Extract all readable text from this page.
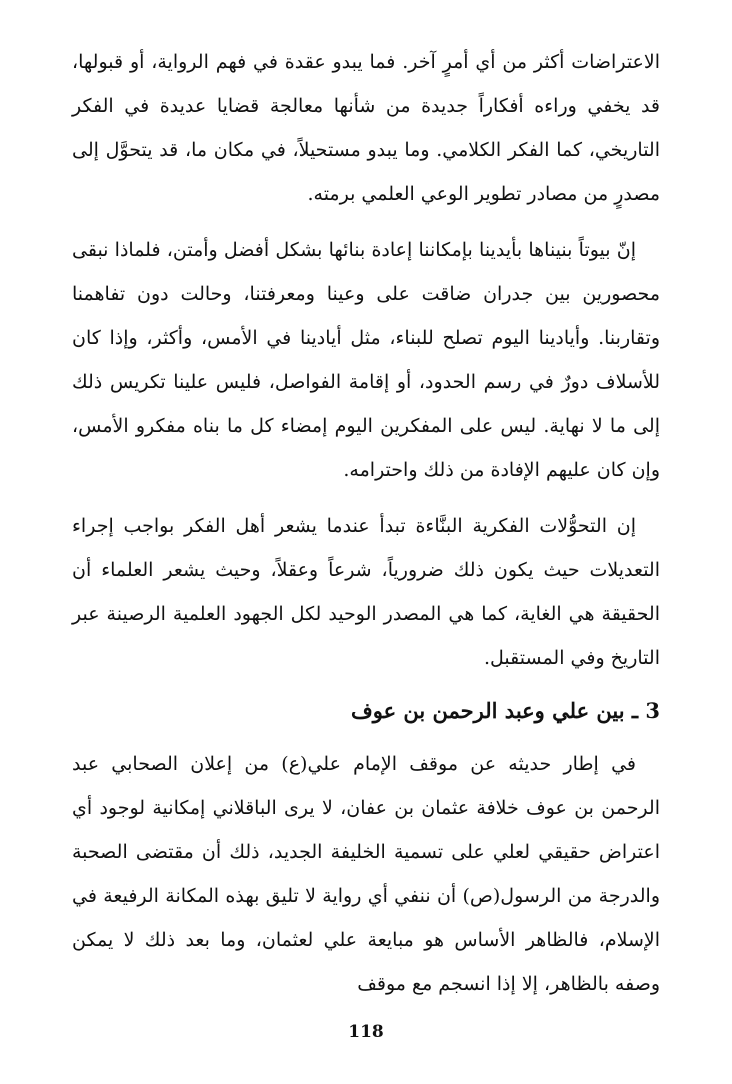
الاعتراضات أكثر من أي أمرٍ آخر. فما يبدو عقدة في فهم الرواية، أو قبولها، قد يخفي وراءه أفكاراً جديدة من شأنها معالجة قضايا عديدة في الفكر التاريخي، كما الفكر الكلامي. وما يبدو مستحيلاً، في مكان ما، قد يتحوَّل إلى مصدرٍ من مصادر تطوير الوعي العلمي برمته.

إنّ بيوتاً بنيناها بأيدينا بإمكاننا إعادة بنائها بشكل أفضل وأمتن، فلماذا نبقى محصورين بين جدران ضاقت على وعينا ومعرفتنا، وحالت دون تفاهمنا وتقاربنا. وأيادينا اليوم تصلح للبناء، مثل أيادينا في الأمس، وأكثر، وإذا كان للأسلاف دورٌ في رسم الحدود، أو إقامة الفواصل، فليس علينا تكريس ذلك إلى ما لا نهاية. ليس على المفكرين اليوم إمضاء كل ما بناه مفكرو الأمس، وإن كان عليهم الإفادة من ذلك واحترامه.

إن التحوُّلات الفكرية البنَّاءة تبدأ عندما يشعر أهل الفكر بواجب إجراء التعديلات حيث يكون ذلك ضرورياً، شرعاً وعقلاً، وحيث يشعر العلماء أن الحقيقة هي الغاية، كما هي المصدر الوحيد لكل الجهود العلمية الرصينة عبر التاريخ وفي المستقبل.

3 ـ بين علي وعبد الرحمن بن عوف

في إطار حديثه عن موقف الإمام علي(ع) من إعلان الصحابي عبد الرحمن بن عوف خلافة عثمان بن عفان، لا يرى الباقلاني إمكانية لوجود أي اعتراض حقيقي لعلي على تسمية الخليفة الجديد، ذلك أن مقتضى الصحبة والدرجة من الرسول(ص) أن ننفي أي رواية لا تليق بهذه المكانة الرفيعة في الإسلام، فالظاهر الأساس هو مبايعة علي لعثمان، وما بعد ذلك لا يمكن وصفه بالظاهر، إلا إذا انسجم مع موقف

118
